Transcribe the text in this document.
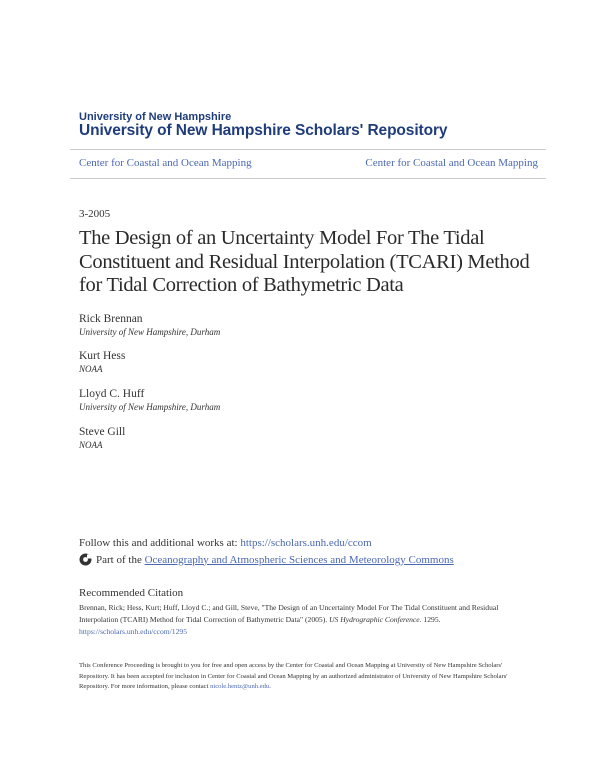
University of New Hampshire
University of New Hampshire Scholars' Repository
Center for Coastal and Ocean Mapping	Center for Coastal and Ocean Mapping
3-2005
The Design of an Uncertainty Model For The Tidal Constituent and Residual Interpolation (TCARI) Method for Tidal Correction of Bathymetric Data
Rick Brennan
University of New Hampshire, Durham
Kurt Hess
NOAA
Lloyd C. Huff
University of New Hampshire, Durham
Steve Gill
NOAA
Follow this and additional works at: https://scholars.unh.edu/ccom
Part of the
Oceanography and Atmospheric Sciences and Meteorology Commons
Recommended Citation
Brennan, Rick; Hess, Kurt; Huff, Lloyd C.; and Gill, Steve, "The Design of an Uncertainty Model For The Tidal Constituent and Residual Interpolation (TCARI) Method for Tidal Correction of Bathymetric Data" (2005). US Hydrographic Conference. 1295.
https://scholars.unh.edu/ccom/1295
This Conference Proceeding is brought to you for free and open access by the Center for Coastal and Ocean Mapping at University of New Hampshire Scholars' Repository. It has been accepted for inclusion in Center for Coastal and Ocean Mapping by an authorized administrator of University of New Hampshire Scholars' Repository. For more information, please contact nicole.hentz@unh.edu.
